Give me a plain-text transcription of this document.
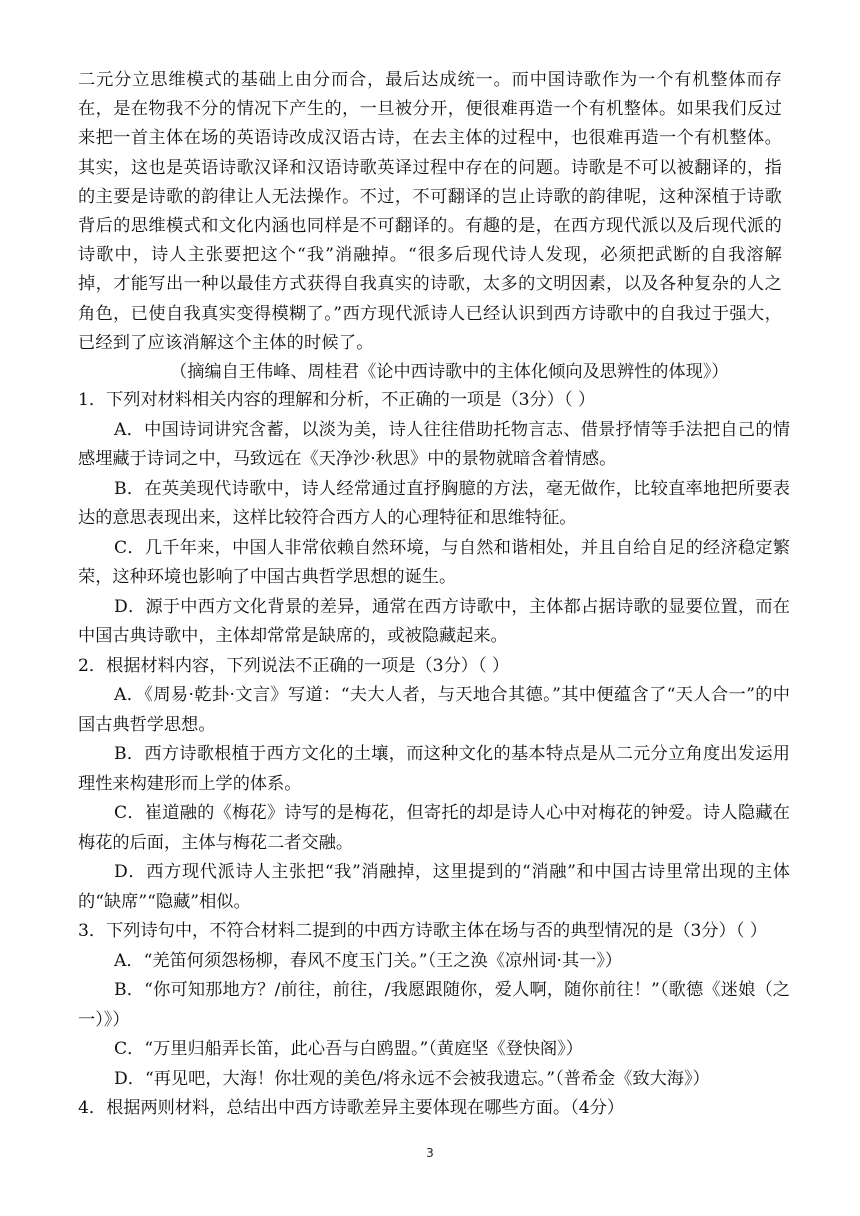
二元分立思维模式的基础上由分而合，最后达成统一。而中国诗歌作为一个有机整体而存在，是在物我不分的情况下产生的，一旦被分开，便很难再造一个有机整体。如果我们反过来把一首主体在场的英语诗改成汉语古诗，在去主体的过程中，也很难再造一个有机整体。其实，这也是英语诗歌汉译和汉语诗歌英译过程中存在的问题。诗歌是不可以被翻译的，指的主要是诗歌的韵律让人无法操作。不过，不可翻译的岂止诗歌的韵律呢，这种深植于诗歌背后的思维模式和文化内涵也同样是不可翻译的。有趣的是，在西方现代派以及后现代派的诗歌中，诗人主张要把这个“我”消融掉。“很多后现代诗人发现，必须把武断的自我溶解掉，才能写出一种以最佳方式获得自我真实的诗歌，太多的文明因素，以及各种复杂的人之角色，已使自我真实变得模糊了。”西方现代派诗人已经认识到西方诗歌中的自我过于强大，已经到了应该消解这个主体的时候了。

（摘编自王伟峰、周桂君《论中西诗歌中的主体化倾向及思辨性的体现》）

1．下列对材料相关内容的理解和分析，不正确的一项是（3分）（ ）

A．中国诗词讲究含蓄，以淡为美，诗人往往借助托物言志、借景抒情等手法把自己的情感埋藏于诗词之中，马致远在《天净沙·秋思》中的景物就暗含着情感。

B．在英美现代诗歌中，诗人经常通过直抒胸臆的方法，毫无做作，比较直率地把所要表达的意思表现出来，这样比较符合西方人的心理特征和思维特征。

C．几千年来，中国人非常依赖自然环境，与自然和谐相处，并且自给自足的经济稳定繁荣，这种环境也影响了中国古典哲学思想的诞生。

D．源于中西方文化背景的差异，通常在西方诗歌中，主体都占据诗歌的显要位置，而在中国古典诗歌中，主体却常常是缺席的，或被隐藏起来。

2．根据材料内容，下列说法不正确的一项是（3分）（ ）

A．《周易·乾卦·文言》写道：“夫大人者，与天地合其德。”其中便蕴含了“天人合一”的中国古典哲学思想。

B．西方诗歌根植于西方文化的土壤，而这种文化的基本特点是从二元分立角度出发运用理性来构建形而上学的体系。

C．崔道融的《梅花》诗写的是梅花，但寄托的却是诗人心中对梅花的钟爱。诗人隐藏在梅花的后面，主体与梅花二者交融。

D．西方现代派诗人主张把“我”消融掉，这里提到的“消融”和中国古诗里常出现的主体的“缺席”“隐藏”相似。

3．下列诗句中，不符合材料二提到的中西方诗歌主体在场与否的典型情况的是（3分）（ ）

A．“羌笛何须怨杨柳，春风不度玉门关。”（王之涣《凉州词·其一》）

B．“你可知那地方？/前往，前往，/我愿跟随你，爱人啊，随你前往！”（歌德《迷娘（之一）》）

C．“万里归船弄长笛，此心吾与白鸥盟。”（黄庭坚《登快阁》）

D．“再见吧，大海！你壮观的美色/将永远不会被我遗忘。”（普希金《致大海》）

4．根据两则材料，总结出中西方诗歌差异主要体现在哪些方面。（4分）

3
